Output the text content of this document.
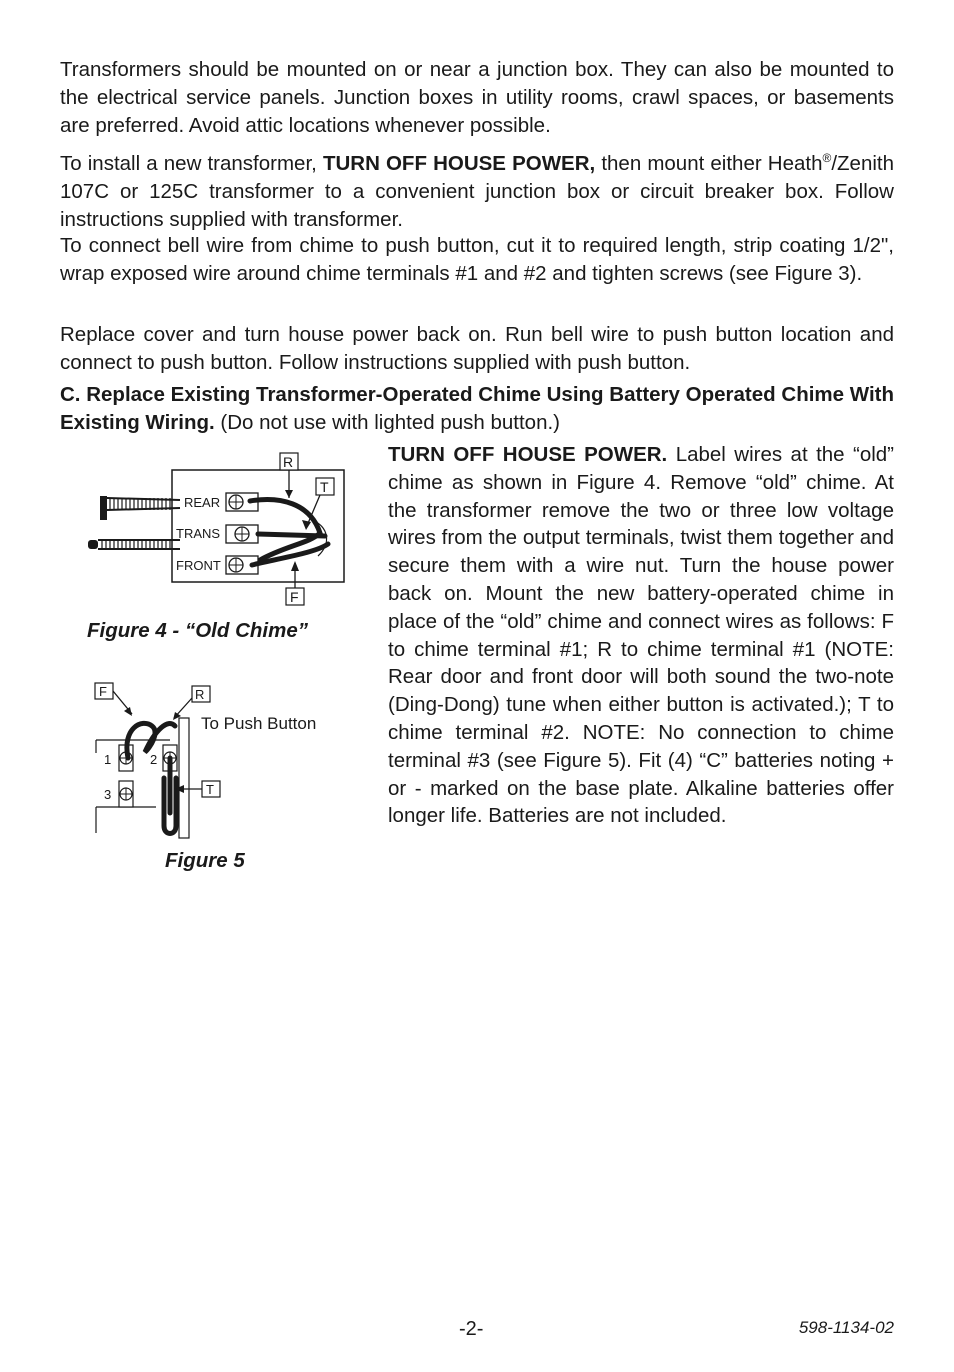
Transformers should be mounted on or near a junction box. They can also be mounted to the electrical service panels. Junction boxes in utility rooms, crawl spaces, or basements are preferred. Avoid attic locations whenever possible.

To install a new transformer, TURN OFF HOUSE POWER, then mount either Heath®/Zenith 107C or 125C transformer to a convenient junction box or circuit breaker box. Follow instructions supplied with transformer.

To connect bell wire from chime to push button, cut it to required length, strip coating 1/2", wrap exposed wire around chime terminals #1 and #2 and tighten screws (see Figure 3).

Replace cover and turn house power back on. Run bell wire to push button location and connect to push button. Follow instructions supplied with push button.

C. Replace Existing Transformer-Operated Chime Using Battery Operated Chime With Existing Wiring. (Do not use with lighted push button.)

TURN OFF HOUSE POWER. Label wires at the “old” chime as shown in Figure 4. Remove “old” chime. At the transformer remove the two or three low voltage wires from the output terminals, twist them together and secure them with a wire nut. Turn the house power back on. Mount the new battery-operated chime in place of the “old” chime and connect wires as follows: F to chime terminal #1; R to chime terminal #1 (NOTE: Rear door and front door will both sound the two-note (Ding-Dong) tune when either button is activated.); T to chime terminal #2. NOTE: No connection to chime terminal #3 (see Figure 5). Fit (4) “C” batteries noting + or - marked on the base plate. Alkaline batteries offer longer life. Batteries are not included.

REAR
TRANS
FRONT
R
T
F

Figure 4 - “Old Chime”

1	2
3
F	R
To Push Button
T

Figure 5

-2-	598-1134-02
